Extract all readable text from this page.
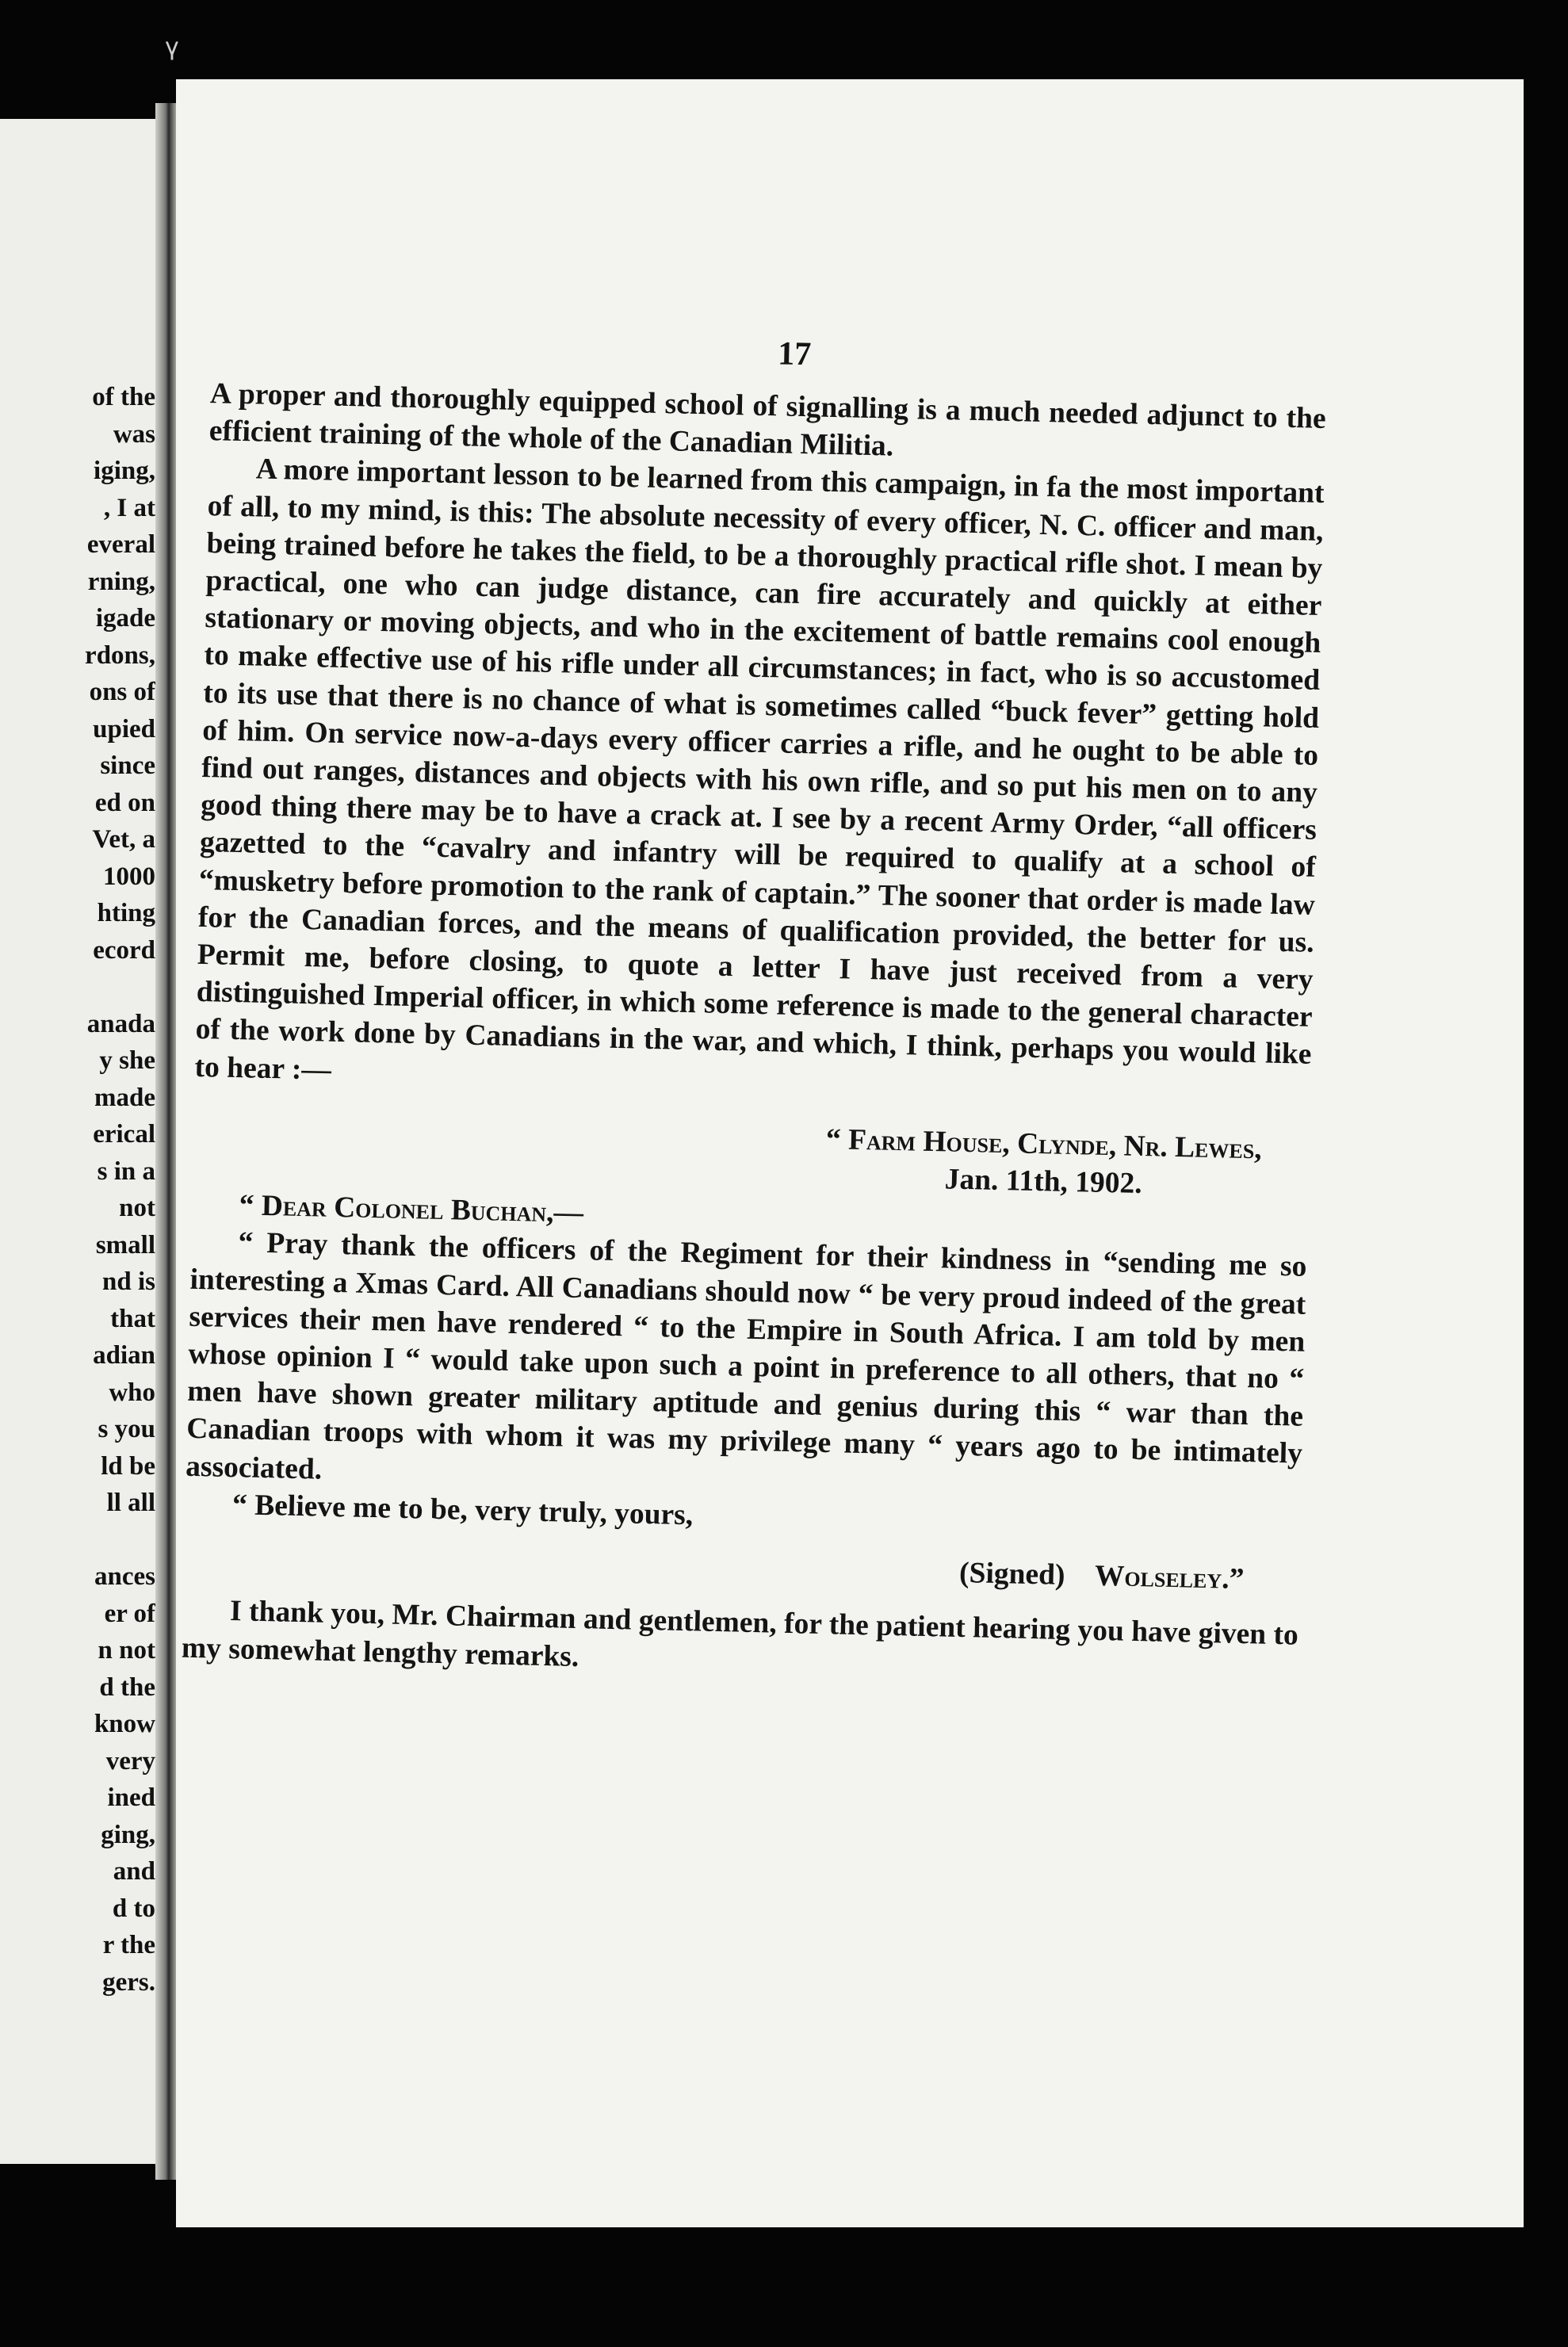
ү
of the
was
iging,
, I at
everal
rning,
igade
rdons,
ons of
upied
since
ed on
Vet, a
1000
hting
ecord

anada
y she
made
erical
s in a
not
small
nd is
that
adian
who
s you
ld be
ll all

ances
er of
n not
d the
know
very
ined
ging,
and
d to
r the
gers.
17

A proper and thoroughly equipped school of signalling is a much needed adjunct to the efficient training of the whole of the Canadian Militia.

A more important lesson to be learned from this campaign, in fa the most important of all, to my mind, is this: The absolute necessity of every officer, N. C. officer and man, being trained before he takes the field, to be a thoroughly practical rifle shot. I mean by practical, one who can judge distance, can fire accurately and quickly at either stationary or moving objects, and who in the excitement of battle remains cool enough to make effective use of his rifle under all circumstances; in fact, who is so accustomed to its use that there is no chance of what is sometimes called “buck fever” getting hold of him. On service now-a-days every officer carries a rifle, and he ought to be able to find out ranges, distances and objects with his own rifle, and so put his men on to any good thing there may be to have a crack at. I see by a recent Army Order, “all officers gazetted to the “cavalry and infantry will be required to qualify at a school of “musketry before promotion to the rank of captain.” The sooner that order is made law for the Canadian forces, and the means of qualification provided, the better for us. Permit me, before closing, to quote a letter I have just received from a very distinguished Imperial officer, in which some reference is made to the general character of the work done by Canadians in the war, and which, I think, perhaps you would like to hear :—

“ Farm House, Clynde, Nr. Lewes,
Jan. 11th, 1902.
“ Dear Colonel Buchan,—

“ Pray thank the officers of the Regiment for their kindness in “sending me so interesting a Xmas Card. All Canadians should now “ be very proud indeed of the great services their men have rendered “ to the Empire in South Africa. I am told by men whose opinion I “ would take upon such a point in preference to all others, that no “ men have shown greater military aptitude and genius during this “ war than the Canadian troops with whom it was my privilege many “ years ago to be intimately associated.

“ Believe me to be, very truly, yours,

(Signed) Wolseley.”

I thank you, Mr. Chairman and gentlemen, for the patient hearing you have given to my somewhat lengthy remarks.
